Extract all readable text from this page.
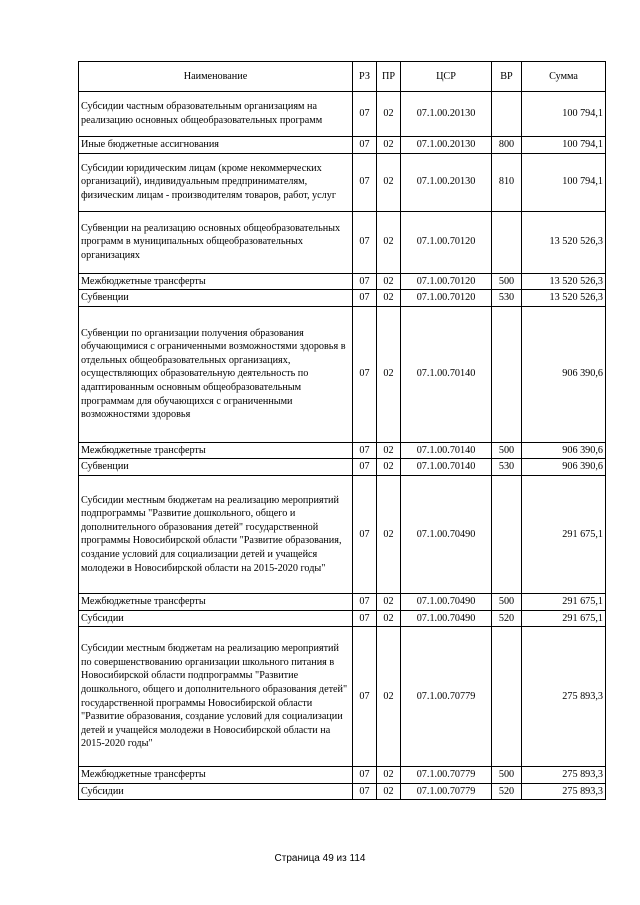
Наименование	РЗ	ПР	ЦСР	ВР	Сумма
Субсидии частным образовательным организациям на реализацию основных общеобразовательных программ	07	02	07.1.00.20130		100 794,1
Иные бюджетные ассигнования	07	02	07.1.00.20130	800	100 794,1
Субсидии юридическим лицам (кроме некоммерческих организаций), индивидуальным предпринимателям, физическим лицам - производителям товаров, работ, услуг	07	02	07.1.00.20130	810	100 794,1
Субвенции на реализацию основных общеобразовательных программ в муниципальных общеобразовательных организациях	07	02	07.1.00.70120		13 520 526,3
Межбюджетные трансферты	07	02	07.1.00.70120	500	13 520 526,3
Субвенции	07	02	07.1.00.70120	530	13 520 526,3
Субвенции по организации получения образования обучающимися с ограниченными возможностями здоровья в отдельных общеобразовательных организациях, осуществляющих образовательную деятельность по адаптированным основным общеобразовательным программам для обучающихся с ограниченными возможностями здоровья	07	02	07.1.00.70140		906 390,6
Межбюджетные трансферты	07	02	07.1.00.70140	500	906 390,6
Субвенции	07	02	07.1.00.70140	530	906 390,6
Субсидии местным бюджетам на реализацию мероприятий подпрограммы "Развитие дошкольного, общего и дополнительного образования детей" государственной программы Новосибирской области "Развитие образования, создание условий для социализации детей и учащейся молодежи в Новосибирской области на 2015-2020 годы"	07	02	07.1.00.70490		291 675,1
Межбюджетные трансферты	07	02	07.1.00.70490	500	291 675,1
Субсидии	07	02	07.1.00.70490	520	291 675,1
Субсидии местным бюджетам на реализацию мероприятий по совершенствованию организации школьного питания в Новосибирской области подпрограммы "Развитие дошкольного, общего и дополнительного образования детей" государственной программы Новосибирской области "Развитие образования, создание условий для социализации детей и учащейся молодежи в Новосибирской области на 2015-2020 годы"	07	02	07.1.00.70779		275 893,3
Межбюджетные трансферты	07	02	07.1.00.70779	500	275 893,3
Субсидии	07	02	07.1.00.70779	520	275 893,3
Страница 49 из 114
